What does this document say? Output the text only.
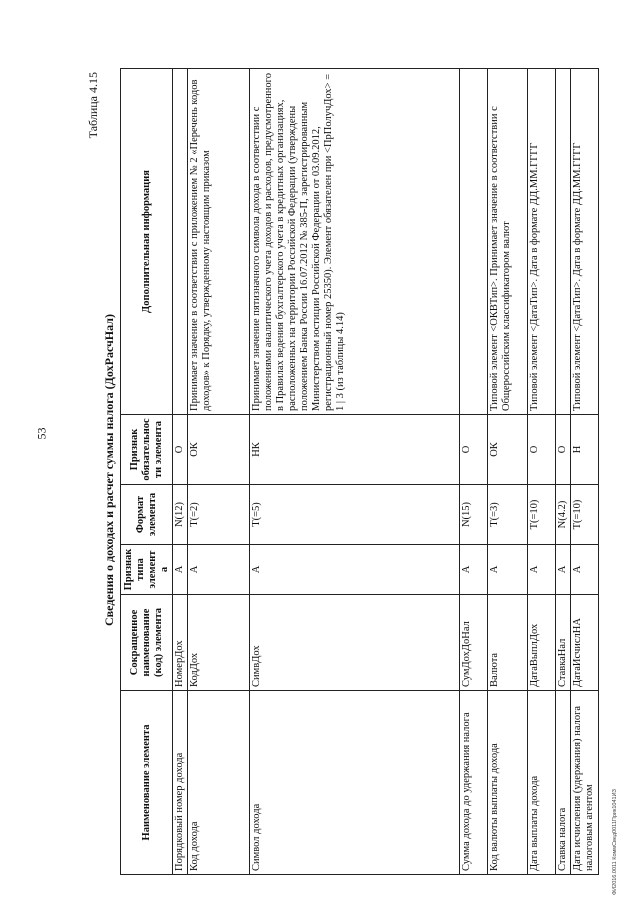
53
Таблица 4.15
Сведения о доходах и расчет суммы налога (ДохРасчНал)
Наименование элемента	Сокращенное наименование (код) элемента	Признак типа элемента	Формат элемента	Признак обязательности элемента	Дополнительная информация
Порядковый номер дохода	НомерДох	А	N(12)	О	
Код дохода	КодДох	А	T(=2)	ОК	Принимает значение в соответствии с приложением № 2 «Перечень кодов доходов» к Порядку, утвержденному настоящим приказом
Символ дохода	СимвДох	А	T(=5)	НК	Принимает значение пятизначного символа дохода в соответствии с положениями аналитического учета доходов и расходов, предусмотренного в Правилах ведения бухгалтерского учета в кредитных организациях, расположенных на территории Российской Федерации (утверждены положением Банка России 16.07.2012 № 385-П, зарегистрированным Министерством юстиции Российской Федерации от 03.09.2012, регистрационный номер 25350). Элемент обязателен при <ПрПолучДох> = 1 | 3 (из таблицы 4.14)
Сумма дохода до удержания налога	СумДохДоНал	А	N(15)	О	
Код валюты выплаты дохода	Валюта	А	T(=3)	ОК	Типовой элемент <ОКВТип>. Принимает значение в соответствии с Общероссийским классификатором валют
Дата выплаты дохода	ДатаВыплДох	А	T(=10)	О	Типовой элемент <ДатаТип>. Дата в формате ДД.ММ.ГГГГ
Ставка налога	СтавкаНал	А	N(4.2)	О	
Дата исчисления (удержания) налога налоговым агентом	ДатаИсчислНА	А	T(=10)	Н	Типовой элемент <ДатаТип>. Дата в формате ДД.ММ.ГГГГ
ФИ2016.0011 КоммСвед0011Прик1041ИЗ
